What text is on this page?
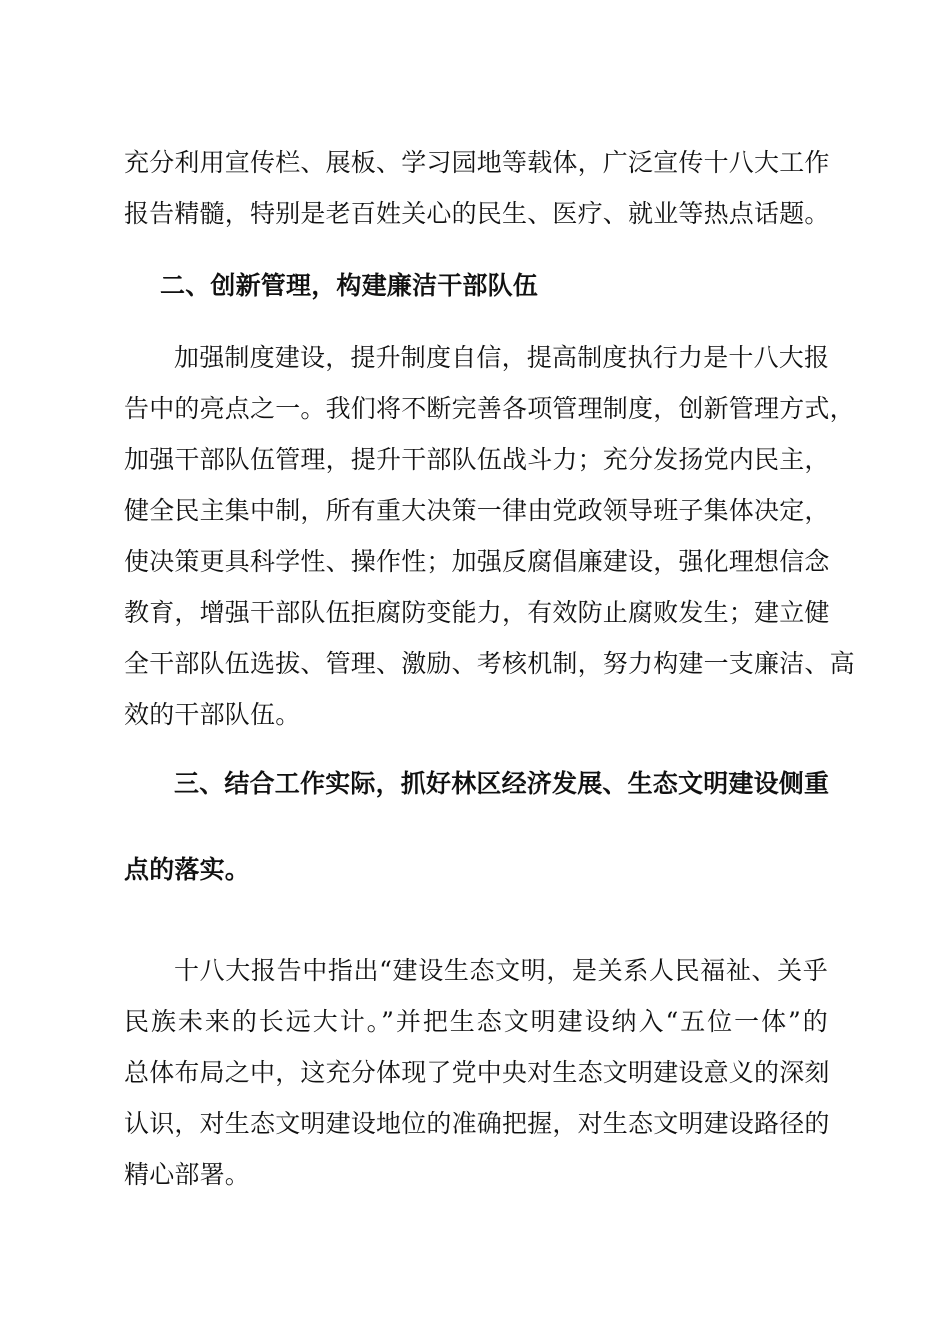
充分利用宣传栏、展板、学习园地等载体，广泛宣传十八大工作
报告精髓，特别是老百姓关心的民生、医疗、就业等热点话题。
二、创新管理，构建廉洁干部队伍
加强制度建设，提升制度自信，提高制度执行力是十八大报
告中的亮点之一。我们将不断完善各项管理制度，创新管理方式，
加强干部队伍管理，提升干部队伍战斗力；充分发扬党内民主，
健全民主集中制，所有重大决策一律由党政领导班子集体决定，
使决策更具科学性、操作性；加强反腐倡廉建设，强化理想信念
教育，增强干部队伍拒腐防变能力，有效防止腐败发生；建立健
全干部队伍选拔、管理、激励、考核机制，努力构建一支廉洁、高
效的干部队伍。
三、结合工作实际，抓好林区经济发展、生态文明建设侧重
点的落实。
十八大报告中指出“建设生态文明，是关系人民福祉、关乎
民族未来的长远大计。”并把生态文明建设纳入“五位一体”的
总体布局之中，这充分体现了党中央对生态文明建设意义的深刻
认识，对生态文明建设地位的准确把握，对生态文明建设路径的
精心部署。
